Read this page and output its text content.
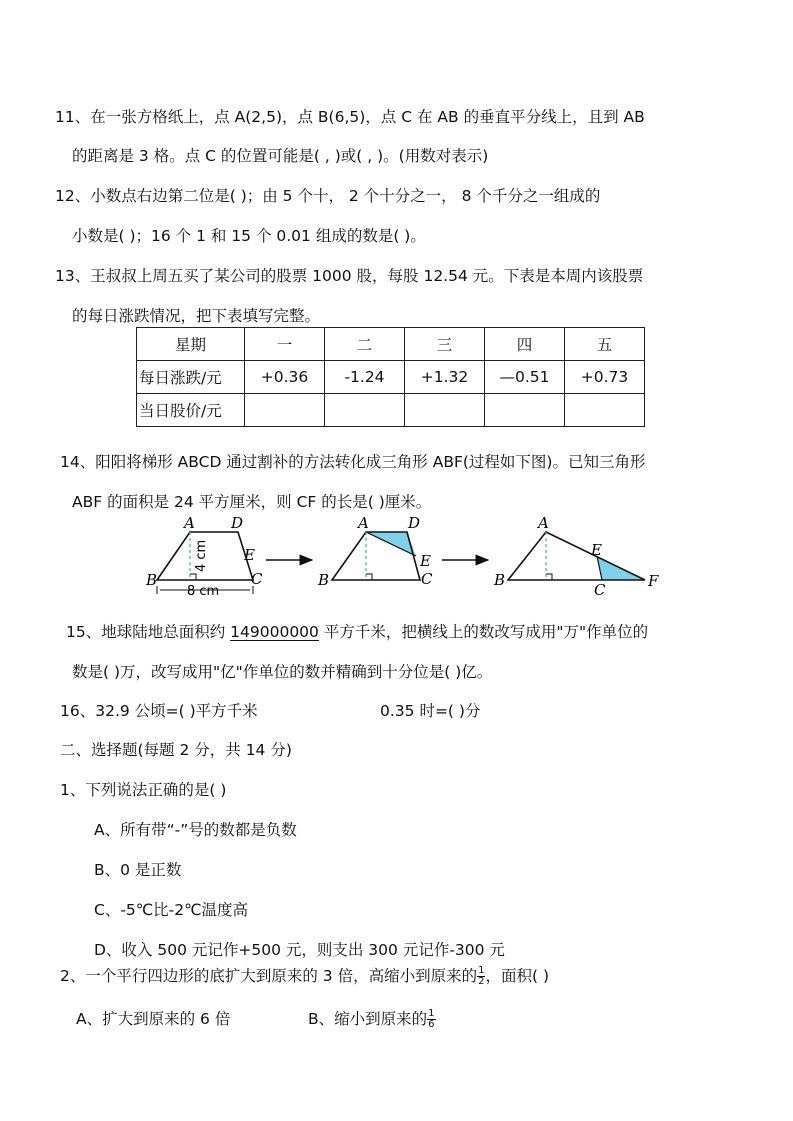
11、在一张方格纸上，点 A(2,5)，点 B(6,5)，点 C 在 AB 的垂直平分线上，且到 AB
的距离是 3 格。点 C 的位置可能是( , )或( , )。(用数对表示)
12、小数点右边第二位是( )；由 5 个十， 2 个十分之一， 8 个千分之一组成的
小数是( )；16 个 1 和 15 个 0.01 组成的数是( )。
13、王叔叔上周五买了某公司的股票 1000 股，每股 12.54 元。下表是本周内该股票
的每日涨跌情况，把下表填写完整。
星期	一	二	三	四	五
每日涨跌/元	+0.36	-1.24	+1.32	—0.51	+0.73
当日股价/元					
14、阳阳将梯形 ABCD 通过割补的方法转化成三角形 ABF(过程如下图)。已知三角形
ABF 的面积是 24 平方厘米，则 CF 的长是( )厘米。
A D
B	C
E
4 cm
8 cm
A	D
B	C
E
A
B
E
C	F
15、地球陆地总面积约 149000000 平方千米，把横线上的数改写成用"万"作单位的
数是( )万，改写成用"亿"作单位的数并精确到十分位是( )亿。
16、32.9 公顷=( )平方千米	0.35 时=( )分
二、选择题(每题 2 分，共 14 分)
1、下列说法正确的是( )
A、所有带“-”号的数都是负数
B、0 是正数
C、-5℃比-2℃温度高
D、收入 500 元记作+500 元，则支出 300 元记作-300 元
2、一个平行四边形的底扩大到原来的 3 倍，高缩小到原来的 $\frac{1}{2}$ ，面积( )
A、扩大到原来的 6 倍	B、缩小到原来的 $\frac{1}{6}$
